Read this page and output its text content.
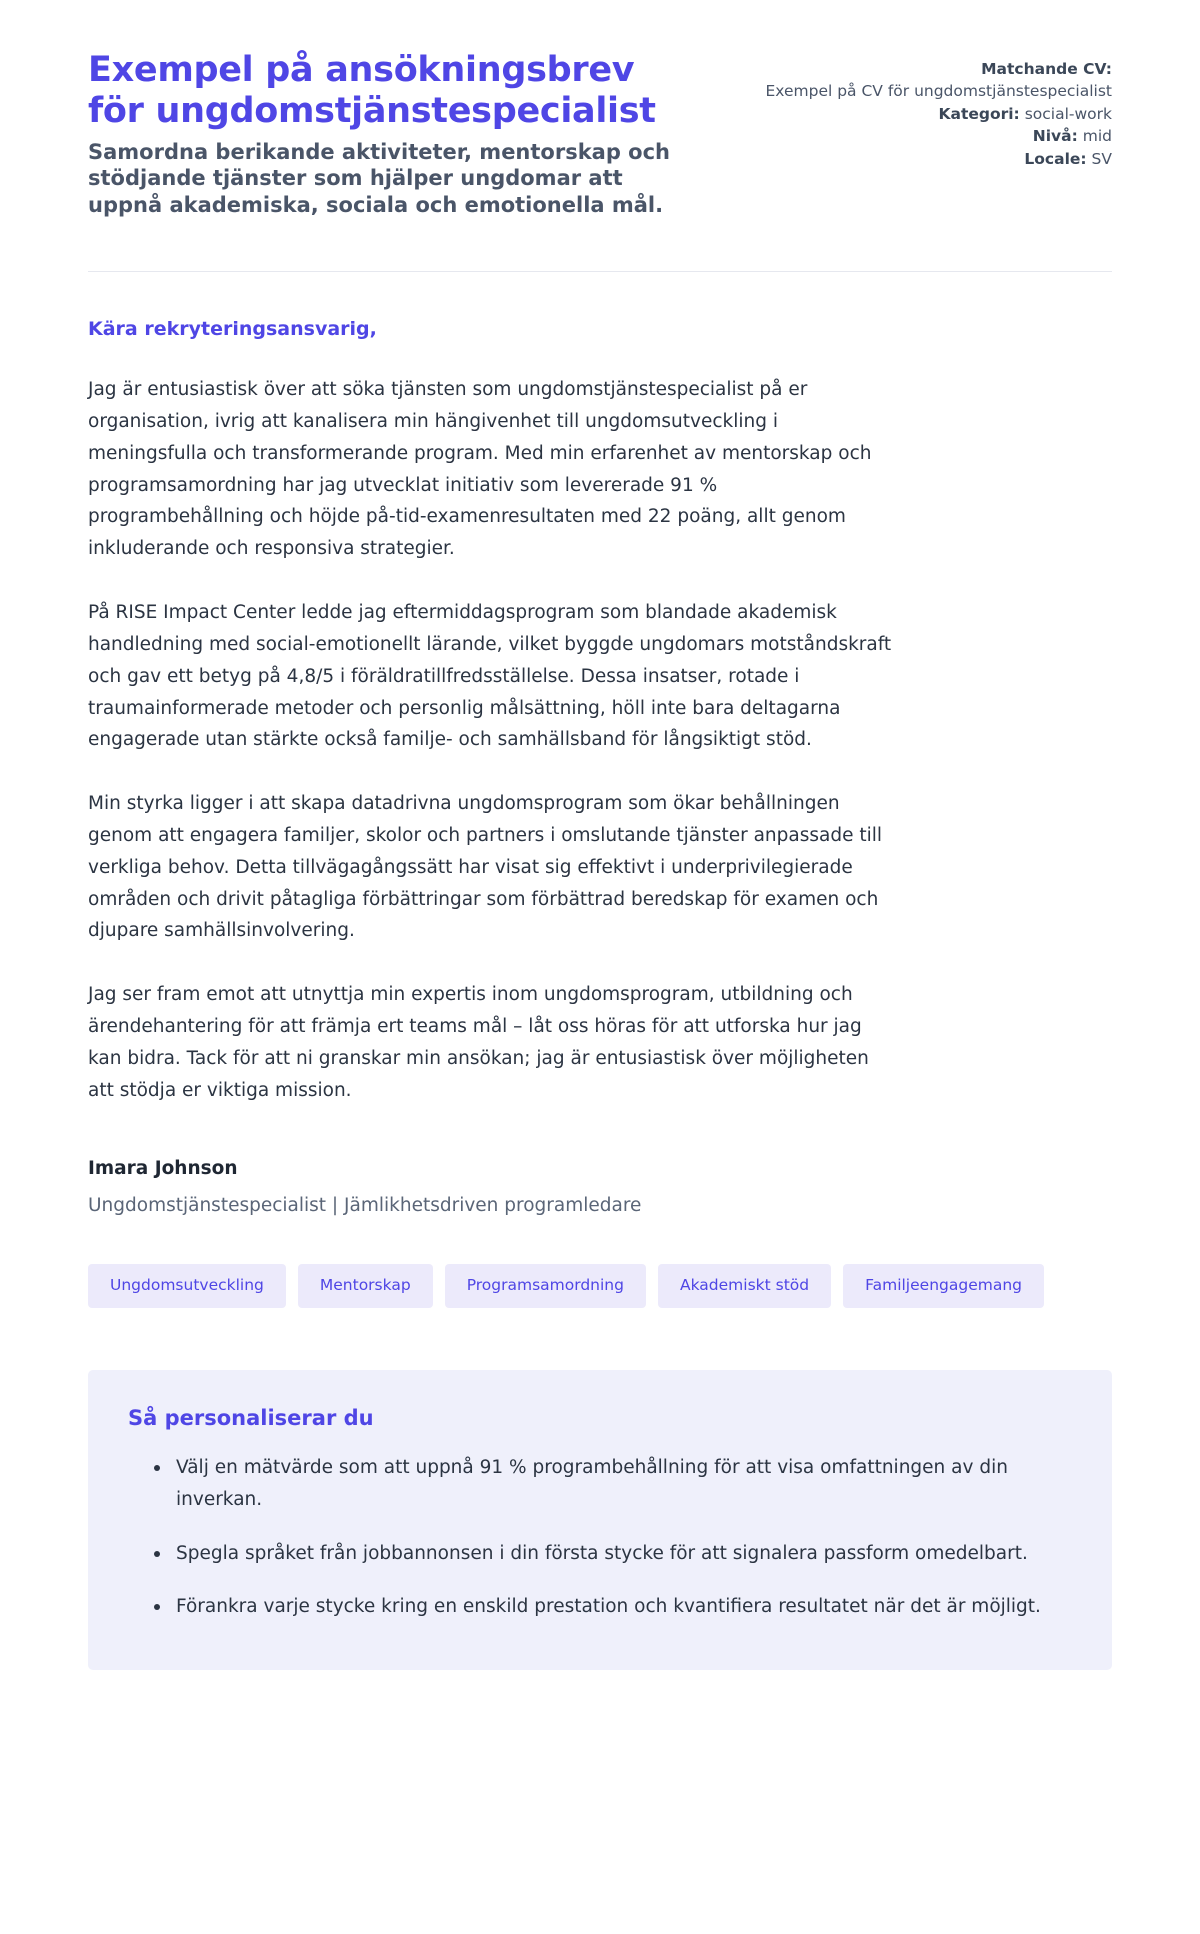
Exempel på ansökningsbrev för ungdomstjänstespecialist

Samordna berikande aktiviteter, mentorskap och stödjande tjänster som hjälper ungdomar att uppnå akademiska, sociala och emotionella mål.

Matchande CV:
Exempel på CV för ungdomstjänstespecialist
Kategori: social-work
Nivå: mid
Locale: SV

Kära rekryteringsansvarig,

Jag är entusiastisk över att söka tjänsten som ungdomstjänstespecialist på er organisation, ivrig att kanalisera min hängivenhet till ungdomsutveckling i meningsfulla och transformerande program. Med min erfarenhet av mentorskap och programsamordning har jag utvecklat initiativ som levererade 91 % programbehållning och höjde på-tid-examenresultaten med 22 poäng, allt genom inkluderande och responsiva strategier.

På RISE Impact Center ledde jag eftermiddagsprogram som blandade akademisk handledning med social-emotionellt lärande, vilket byggde ungdomars motståndskraft och gav ett betyg på 4,8/5 i föräldratillfredsställelse. Dessa insatser, rotade i traumainformerade metoder och personlig målsättning, höll inte bara deltagarna engagerade utan stärkte också familje- och samhällsband för långsiktigt stöd.

Min styrka ligger i att skapa datadrivna ungdomsprogram som ökar behållningen genom att engagera familjer, skolor och partners i omslutande tjänster anpassade till verkliga behov. Detta tillvägagångssätt har visat sig effektivt i underprivilegierade områden och drivit påtagliga förbättringar som förbättrad beredskap för examen och djupare samhällsinvolvering.

Jag ser fram emot att utnyttja min expertis inom ungdomsprogram, utbildning och ärendehantering för att främja ert teams mål – låt oss höras för att utforska hur jag kan bidra. Tack för att ni granskar min ansökan; jag är entusiastisk över möjligheten att stödja er viktiga mission.

Imara Johnson
Ungdomstjänstespecialist | Jämlikhetsdriven programledare
Ungdomsutveckling	Mentorskap	Programsamordning	Akademiskt stöd	Familjeengagemang
Så personaliserar du
Välj en mätvärde som att uppnå 91 % programbehållning för att visa omfattningen av din inverkan.
Spegla språket från jobbannonsen i din första stycke för att signalera passform omedelbart.
Förankra varje stycke kring en enskild prestation och kvantifiera resultatet när det är möjligt.
